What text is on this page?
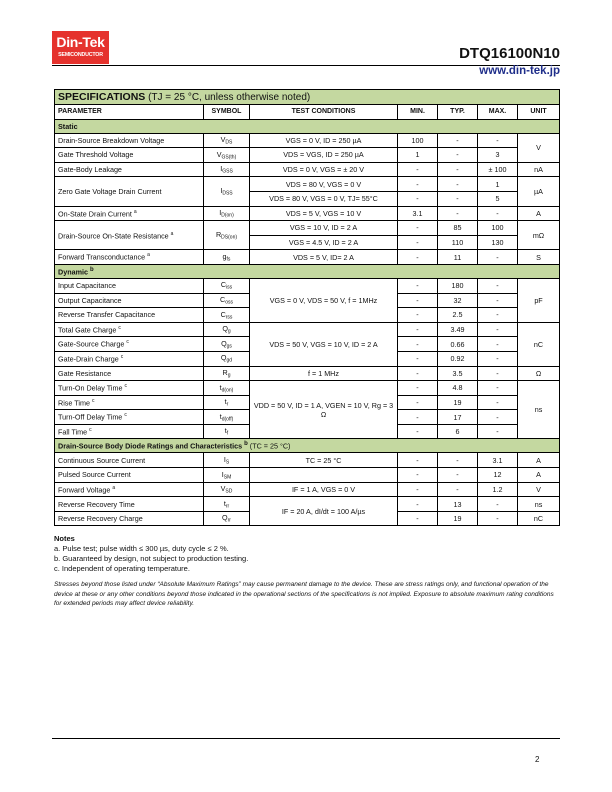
Din-Tek
SEMICONDUCTOR	DTQ16100N10
www.din-tek.jp
SPECIFICATIONS (TJ = 25 °C, unless otherwise noted)						
PARAMETER	SYMBOL	TEST CONDITIONS	MIN.	TYP.	MAX.	UNIT
Static						
Drain-Source Breakdown Voltage	$V_{DS}$	VGS = 0 V, ID = 250 µA	100	-	-	V
Gate Threshold Voltage	$V_{GS(th)}$	VDS = VGS, ID = 250 µA	1	-	3	
Gate-Body Leakage	$I_{GSS}$	VDS = 0 V, VGS = ± 20 V	-	-	± 100	nA
Zero Gate Voltage Drain Current	$I_{DSS}$	VDS = 80 V, VGS = 0 V	-	-	1	µA
		VDS = 80 V, VGS = 0 V, TJ= 55°C	-	-	5	
On-State Drain Current $^a$	$I_{D(on)}$	VDS = 5 V, VGS = 10 V	3.1	-	-	A
Drain-Source On-State Resistance $^a$	$R_{DS(on)}$	VGS = 10 V, ID = 2 A	-	85	100	mΩ
		VGS = 4.5 V, ID = 2 A	-	110	130	
Forward Transconductance $^a$	$g_{fs}$	VDS = 5 V, ID= 2 A	-	11	-	S
Dynamic $^b$
Input Capacitance	$C_{iss}$	VGS = 0 V, VDS = 50 V, f = 1MHz	-	180	-	pF
Output Capacitance	$C_{oss}$		-	32	-	
Reverse Transfer Capacitance	$C_{rss}$		-	2.5	-	
Total Gate Charge $^c$	$Q_g$	VDS = 50 V, VGS = 10 V, ID = 2 A	-	3.49	-	nC
Gate-Source Charge $^c$	$Q_{gs}$		-	0.66	-	
Gate-Drain Charge $^c$	$Q_{gd}$		-	0.92	-	
Gate Resistance	$R_g$	f = 1 MHz	-	3.5	-	Ω
Turn-On Delay Time $^c$	$t_{d(on)}$	VDD = 50 V, ID = 1 A, VGEN = 10 V, Rg = 3 Ω	-	4.8	-	ns
Rise Time $^c$	$t_r$		-	19	-	
Turn-Off Delay Time $^c$	$t_{d(off)}$		-	17	-	
Fall Time $^c$	$t_f$		-	6	-	
Drain-Source Body Diode Ratings and Characteristics $^b$ (TC = 25 °C)						
Continuous Source Current	$I_S$	TC = 25 °C	-	-	3.1	A
Pulsed Source Current	$I_{SM}$		-	-	12	A
Forward Voltage $^a$	$V_{SD}$	IF = 1 A, VGS = 0 V	-	-	1.2	V
Reverse Recovery Time	$t_{rr}$	IF = 20 A, dI/dt = 100 A/µs	-	13	-	ns
Reverse Recovery Charge	$Q_{rr}$		-	19	-	nC
Notes
a. Pulse test; pulse width ≤ 300 µs, duty cycle ≤ 2 %.
b. Guaranteed by design, not subject to production testing.
c. Independent of operating temperature.
Stresses beyond those listed under “Absolute Maximum Ratings” may cause permanent damage to the device. These are stress ratings only, and functional operation of the device at these or any other conditions beyond those indicated in the operational sections of the specifications is not implied. Exposure to absolute maximum rating conditions for extended periods may affect device reliability.
2
